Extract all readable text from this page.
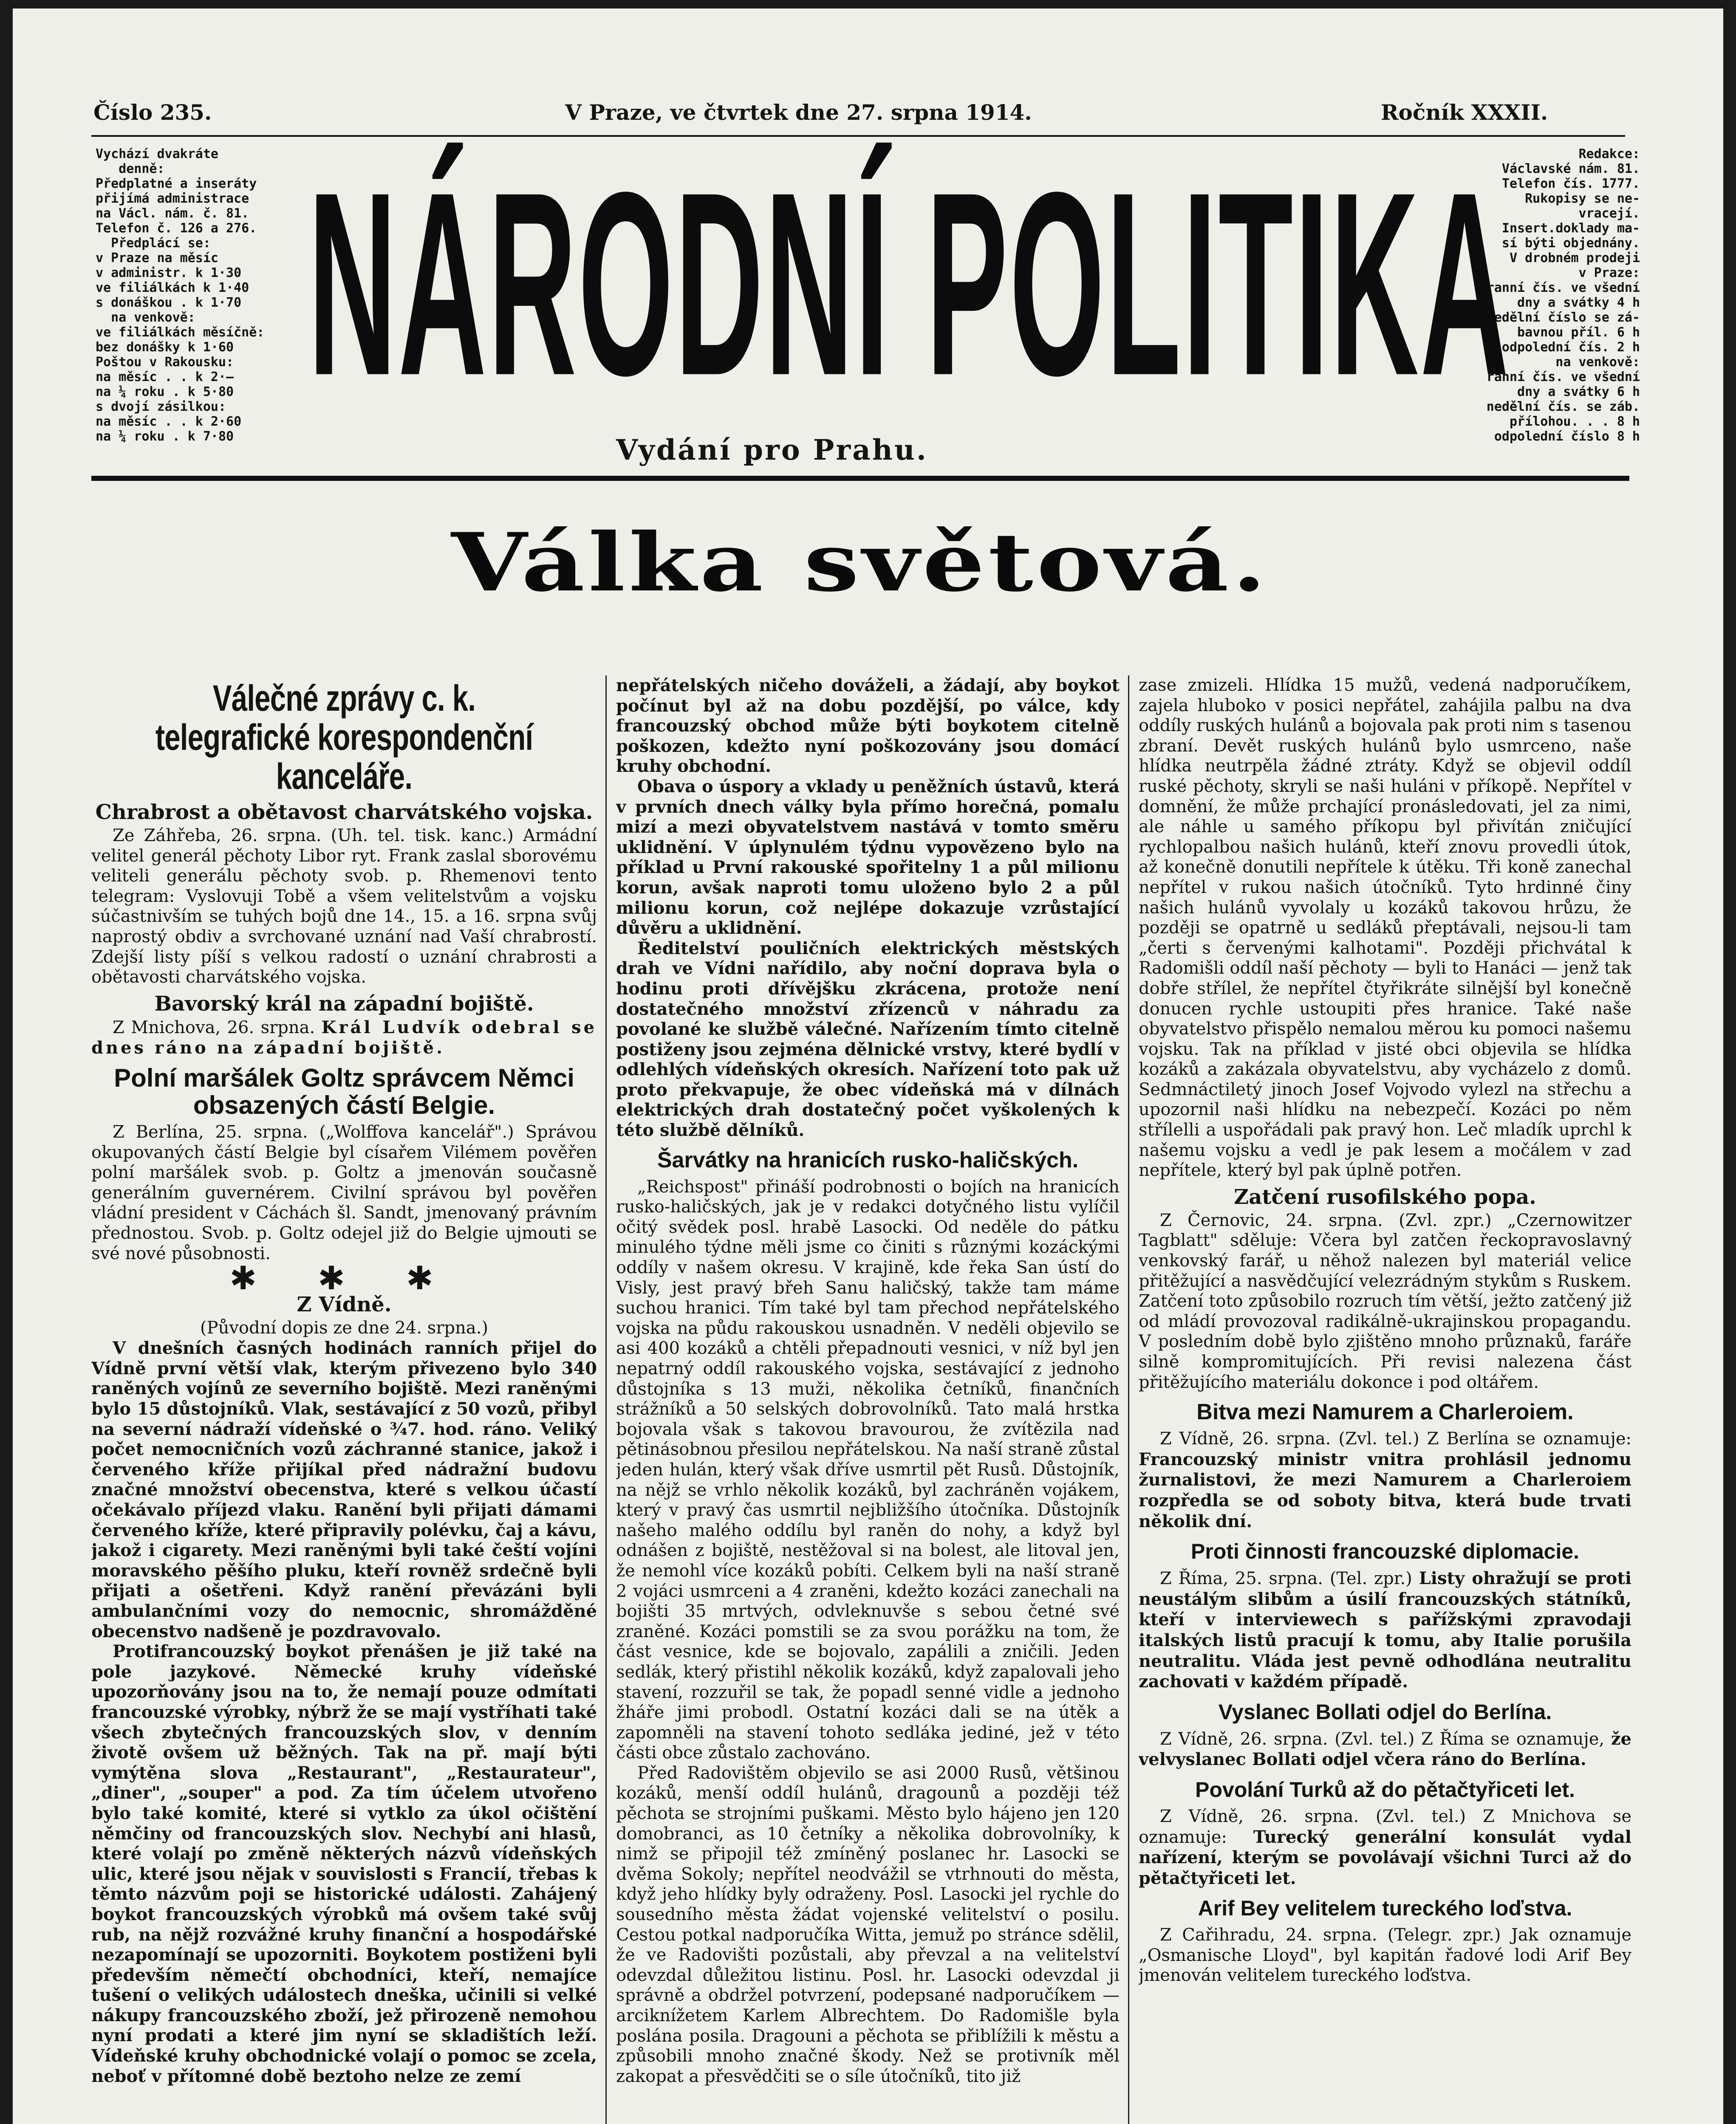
Číslo 235.	V Praze, ve čtvrtek dne 27. srpna 1914.	Ročník XXXII.
Vychází dvakráte
denně:
Předplatné a inseráty
přijímá administrace
na Václ. nám. č. 81.
Telefon č. 126 a 276.
Předplácí se:
v Praze na měsíc
v administr. k 1·30
ve filiálkách k 1·40
s donáškou . k 1·70
na venkově:
ve filiálkách měsíčně:
bez donášky k 1·60
Poštou v Rakousku:
na měsíc . . k 2·—
na ¼ roku . k 5·80
s dvojí zásilkou:
na měsíc . . k 2·60
na ¼ roku . k 7·80
Redakce:
Václavské nám. 81.
Telefon čís. 1777.
Rukopisy se ne-
vracejí.
Insert.doklady ma-
sí býti objednány.
V drobném prodeji
v Praze:
ranní čís. ve všední
dny a svátky 4 h
nedělní číslo se zá-
bavnou příl. 6 h
odpolední čís. 2 h
na venkově:
ranní čís. ve všední
dny a svátky 6 h
nedělní čís. se záb.
přílohou. . . 8 h
odpolední číslo 8 h
NÁRODNÍ POLITIKA
Vydání pro Prahu.
Válka světová.
Válečné zprávy c. k. telegrafické korespondenční kanceláře.
Chrabrost a obětavost charvátského vojska.

Ze Záhřeba, 26. srpna. (Uh. tel. tisk. kanc.) Armádní velitel generál pěchoty Libor ryt. Frank zaslal sborovému veliteli generálu pěchoty svob. p. Rhemenovi tento telegram: Vyslovuji Tobě a všem velitelstvům a vojsku súčastnivším se tuhých bojů dne 14., 15. a 16. srpna svůj naprostý obdiv a svrchované uznání nad Vaší chrabrostí. Zdejší listy píší s velkou radostí o uznání chrabrosti a obětavosti charvátského vojska.

Bavorský král na západní bojiště.

Z Mnichova, 26. srpna. Král Ludvík odebral se dnes ráno na západní bojiště.

Polní maršálek Goltz správcem Němci obsazených částí Belgie.

Z Berlína, 25. srpna. („Wolffova kancelář".) Správou okupovaných částí Belgie byl císařem Vilémem pověřen polní maršálek svob. p. Goltz a jmenován současně generálním guvernérem. Civilní správou byl pověřen vládní president v Cáchách šl. Sandt, jmenovaný právním přednostou. Svob. p. Goltz odejel již do Belgie ujmouti se své nové působnosti.

✱ ✱ ✱
Z Vídně.

(Původní dopis ze dne 24. srpna.)

V dnešních časných hodinách ranních přijel do Vídně první větší vlak, kterým přivezeno bylo 340 raněných vojínů ze severního bojiště. Mezi raněnými bylo 15 důstojníků. Vlak, sestávající z 50 vozů, přibyl na severní nádraží vídeňské o ¾7. hod. ráno. Veliký počet nemocničních vozů záchranné stanice, jakož i červeného kříže přijíkal před nádražní budovu značné množství obecenstva, které s velkou účastí očekávalo příjezd vlaku. Ranění byli přijati dámami červeného kříže, které připravily polévku, čaj a kávu, jakož i cigarety. Mezi raněnými byli také čeští vojíni moravského pěšího pluku, kteří rovněž srdečně byli přijati a ošetřeni. Když ranění převázáni byli ambulančními vozy do nemocnic, shromážděné obecenstvo nadšeně je pozdravovalo.

Protifrancouzský boykot přenášen je již také na pole jazykové. Německé kruhy vídeňské upozorňovány jsou na to, že nemají pouze odmítati francouzské výrobky, nýbrž že se mají vystříhati také všech zbytečných francouzských slov, v denním životě ovšem už běžných. Tak na př. mají býti vymýtěna slova „Restaurant", „Restaurateur", „diner", „souper" a pod. Za tím účelem utvořeno bylo také komité, které si vytklo za úkol očištění němčiny od francouzských slov. Nechybí ani hlasů, které volají po změně některých názvů vídeňských ulic, které jsou nějak v souvislosti s Francií, třebas k těmto názvům poji se historické události. Zahájený boykot francouzských výrobků má ovšem také svůj rub, na nějž rozvážné kruhy finanční a hospodářské nezapomínají se upozorniti. Boykotem postiženi byli především němečtí obchodníci, kteří, nemajíce tušení o velikých událostech dneška, učinili si velké nákupy francouzského zboží, jež přirozeně nemohou nyní prodati a které jim nyní se skladištích leží. Vídeňské kruhy obchodnické volají o pomoc se zcela, neboť v přítomné době beztoho nelze ze zemí

nepřátelských ničeho dováželi, a žádají, aby boykot počínut byl až na dobu pozdější, po válce, kdy francouzský obchod může býti boykotem citelně poškozen, kdežto nyní poškozovány jsou domácí kruhy obchodní.

Obava o úspory a vklady u peněžních ústavů, která v prvních dnech války byla přímo horečná, pomalu mizí a mezi obyvatelstvem nastává v tomto směru uklidnění. V úplynulém týdnu vypovězeno bylo na příklad u První rakouské spořitelny 1 a půl milionu korun, avšak naproti tomu uloženo bylo 2 a půl milionu korun, což nejlépe dokazuje vzrůstající důvěru a uklidnění.

Ředitelství pouličních elektrických městských drah ve Vídni nařídilo, aby noční doprava byla o hodinu proti dřívějšku zkrácena, protože není dostatečného množství zřízenců v náhradu za povolané ke službě válečné. Nařízením tímto citelně postiženy jsou zejména dělnické vrstvy, které bydlí v odlehlých vídeňských okresích. Nařízení toto pak už proto překvapuje, že obec vídeňská má v dílnách elektrických drah dostatečný počet vyškolených k této službě dělníků.

Šarvátky na hranicích rusko-haličských.

„Reichspost" přináší podrobnosti o bojích na hranicích rusko-haličských, jak je v redakci dotyčného listu vylíčil očitý svědek posl. hrabě Lasocki. Od neděle do pátku minulého týdne měli jsme co činiti s různými kozáckými oddíly v našem okresu. V krajině, kde řeka San ústí do Visly, jest pravý břeh Sanu haličský, takže tam máme suchou hranici. Tím také byl tam přechod nepřátelského vojska na půdu rakouskou usnadněn. V neděli objevilo se asi 400 kozáků a chtěli přepadnouti vesnici, v níž byl jen nepatrný oddíl rakouského vojska, sestávající z jednoho důstojníka s 13 muži, několika četníků, finančních strážníků a 50 selských dobrovolníků. Tato malá hrstka bojovala však s takovou bravourou, že zvítězila nad pětinásobnou přesilou nepřátelskou. Na naší straně zůstal jeden hulán, který však dříve usmrtil pět Rusů. Důstojník, na nějž se vrhlo několik kozáků, byl zachráněn vojákem, který v pravý čas usmrtil nejbližšího útočníka. Důstojník našeho malého oddílu byl raněn do nohy, a když byl odnášen z bojiště, nestěžoval si na bolest, ale litoval jen, že nemohl více kozáků pobíti. Celkem byli na naší straně 2 vojáci usmrceni a 4 zraněni, kdežto kozáci zanechali na bojišti 35 mrtvých, odvleknuvše s sebou četné své zraněné. Kozáci pomstili se za svou porážku na tom, že část vesnice, kde se bojovalo, zapálili a zničili. Jeden sedlák, který přistihl několik kozáků, když zapalovali jeho stavení, rozzuřil se tak, že popadl senné vidle a jednoho žháře jimi probodl. Ostatní kozáci dali se na útěk a zapomněli na stavení tohoto sedláka jediné, jež v této části obce zůstalo zachováno.

Před Radovištěm objevilo se asi 2000 Rusů, většinou kozáků, menší oddíl hulánů, dragounů a později též pěchota se strojními puškami. Město bylo hájeno jen 120 domobranci, as 10 četníky a několika dobrovolníky, k nimž se připojil též zmíněný poslanec hr. Lasocki se dvěma Sokoly; nepřítel neodvážil se vtrhnouti do města, když jeho hlídky byly odraženy. Posl. Lasocki jel rychle do sousedního města žádat vojenské velitelství o posilu. Cestou potkal nadporučíka Witta, jemuž po stránce sdělil, že ve Radovišti pozůstali, aby převzal a na velitelství odevzdal důležitou listinu. Posl. hr. Lasocki odevzdal ji správně a obdržel potvrzení, podepsané nadporučíkem — arciknížetem Karlem Albrechtem. Do Radomišle byla poslána posila. Dragouni a pěchota se přiblížili k městu a způsobili mnoho značné škody. Než se protivník měl zakopat a přesvědčiti se o síle útočníků, tito již

zase zmizeli. Hlídka 15 mužů, vedená nadporučíkem, zajela hluboko v posici nepřátel, zahájila palbu na dva oddíly ruských hulánů a bojovala pak proti nim s tasenou zbraní. Devět ruských hulánů bylo usmrceno, naše hlídka neutrpěla žádné ztráty. Když se objevil oddíl ruské pěchoty, skryli se naši huláni v příkopě. Nepřítel v domnění, že může prchající pronásledovati, jel za nimi, ale náhle u samého příkopu byl přivítán zničující rychlopalbou našich hulánů, kteří znovu provedli útok, až konečně donutili nepřítele k útěku. Tři koně zanechal nepřítel v rukou našich útočníků. Tyto hrdinné činy našich hulánů vyvolaly u kozáků takovou hrůzu, že později se opatrně u sedláků přeptávali, nejsou-li tam „čerti s červenými kalhotami". Později přichvátal k Radomišli oddíl naší pěchoty — byli to Hanáci — jenž tak dobře střílel, že nepřítel čtyřikráte silnější byl konečně donucen rychle ustoupiti přes hranice. Také naše obyvatelstvo přispělo nemalou měrou ku pomoci našemu vojsku. Tak na příklad v jisté obci objevila se hlídka kozáků a zakázala obyvatelstvu, aby vycházelo z domů. Sedmnáctiletý jinoch Josef Vojvodo vylezl na střechu a upozornil naši hlídku na nebezpečí. Kozáci po něm střílelli a uspořádali pak pravý hon. Leč mladík uprchl k našemu vojsku a vedl je pak lesem a močálem v zad nepřítele, který byl pak úplně potřen.

Zatčení rusofilského popa.

Z Černovic, 24. srpna. (Zvl. zpr.) „Czernowitzer Tagblatt" sděluje: Včera byl zatčen řeckopravoslavný venkovský farář, u něhož nalezen byl materiál velice přitěžující a nasvědčující velezrádným stykům s Ruskem. Zatčení toto způsobilo rozruch tím větší, ježto zatčený již od mládí provozoval radikálně-ukrajinskou propagandu. V posledním době bylo zjištěno mnoho průznaků, faráře silně kompromitujících. Při revisi nalezena část přitěžujícího materiálu dokonce i pod oltářem.

Bitva mezi Namurem a Charleroiem.

Z Vídně, 26. srpna. (Zvl. tel.) Z Berlína se oznamuje: Francouzský ministr vnitra prohlásil jednomu žurnalistovi, že mezi Namurem a Charleroiem rozpředla se od soboty bitva, která bude trvati několik dní.

Proti činnosti francouzské diplomacie.

Z Říma, 25. srpna. (Tel. zpr.) Listy ohražují se proti neustálým slibům a úsilí francouzských státníků, kteří v interviewech s pařížskými zpravodaji italských listů pracují k tomu, aby Italie porušila neutralitu. Vláda jest pevně odhodlána neutralitu zachovati v každém případě.

Vyslanec Bollati odjel do Berlína.

Z Vídně, 26. srpna. (Zvl. tel.) Z Říma se oznamuje, že velvyslanec Bollati odjel včera ráno do Berlína.

Povolání Turků až do pětačtyřiceti let.

Z Vídně, 26. srpna. (Zvl. tel.) Z Mnichova se oznamuje: Turecký generální konsulát vydal nařízení, kterým se povolávají všichni Turci až do pětačtyřiceti let.

Arif Bey velitelem tureckého loďstva.

Z Cařihradu, 24. srpna. (Telegr. zpr.) Jak oznamuje „Osmanische Lloyd", byl kapitán řadové lodi Arif Bey jmenován velitelem tureckého loďstva.
